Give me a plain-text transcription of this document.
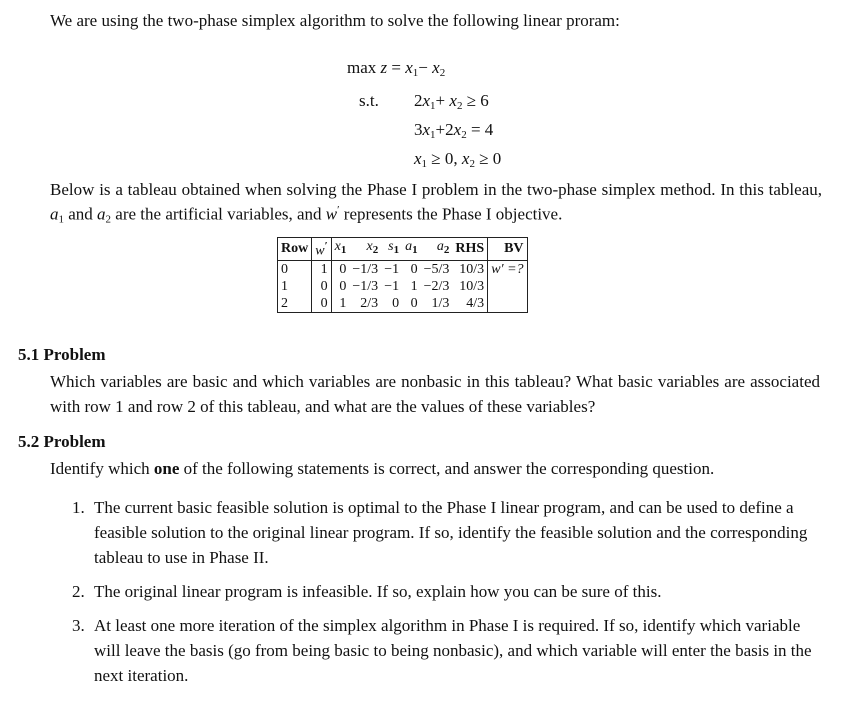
We are using the two-phase simplex algorithm to solve the following linear proram:
$\max z = x_1- x_2$
s.t. $2x_1+ x_2 \ge 6$
$3x_1+2x_2 = 4$
$x_1 \ge 0$, $x_2 \ge 0$
Below is a tableau obtained when solving the Phase I problem in the two-phase simplex method. In this tableau, $a_1$ and $a_2$ are the artificial variables, and w′ represents the Phase I objective.
Row	w′	$x_1$	$x_2$	$s_1$	$a_1$	$a_2$	RHS	BV
0	1	0	−1/3	−1	0	−5/3	10/3	w′ =?
1	0	0	−1/3	−1	1	−2/3	10/3	
2	0	1	2/3	0	0	1/3	4/3	
5.1 Problem
Which variables are basic and which variables are nonbasic in this tableau? What basic variables are associated with row 1 and row 2 of this tableau, and what are the values of these variables?
5.2 Problem
Identify which one of the following statements is correct, and answer the corresponding question.
1. The current basic feasible solution is optimal to the Phase I linear program, and can be used to define a feasible solution to the original linear program. If so, identify the feasible solution and the corresponding tableau to use in Phase II.
2. The original linear program is infeasible. If so, explain how you can be sure of this.
3. At least one more iteration of the simplex algorithm in Phase I is required. If so, identify which variable will leave the basis (go from being basic to being nonbasic), and which variable will enter the basis in the next iteration.
